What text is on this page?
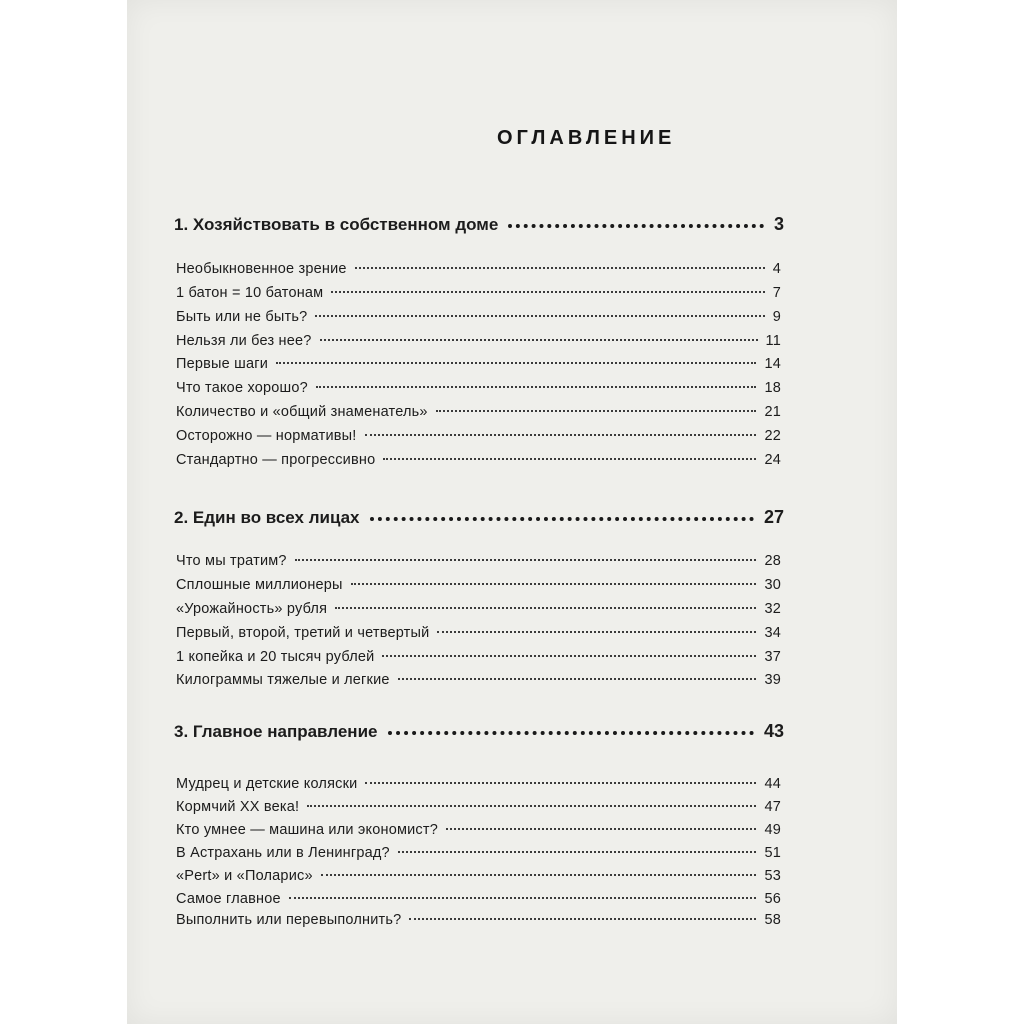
ОГЛАВЛЕНИЕ
1. Хозяйствовать в собственном доме	3
Необыкновенное зрение	4
1 батон = 10 батонам	7
Быть или не быть?	9
Нельзя ли без нее?	11
Первые шаги	14
Что такое хорошо?	18
Количество и «общий знаменатель»	21
Осторожно — нормативы!	22
Стандартно — прогрессивно	24
2. Един во всех лицах	27
Что мы тратим?	28
Сплошные миллионеры	30
«Урожайность» рубля	32
Первый, второй, третий и четвертый	34
1 копейка и 20 тысяч рублей	37
Килограммы тяжелые и легкие	39
3. Главное направление	43
Мудрец и детские коляски	44
Кормчий XX века!	47
Кто умнее — машина или экономист?	49
В Астрахань или в Ленинград?	51
«Pert» и «Поларис»	53
Самое главное	56
Выполнить или перевыполнить?	58
